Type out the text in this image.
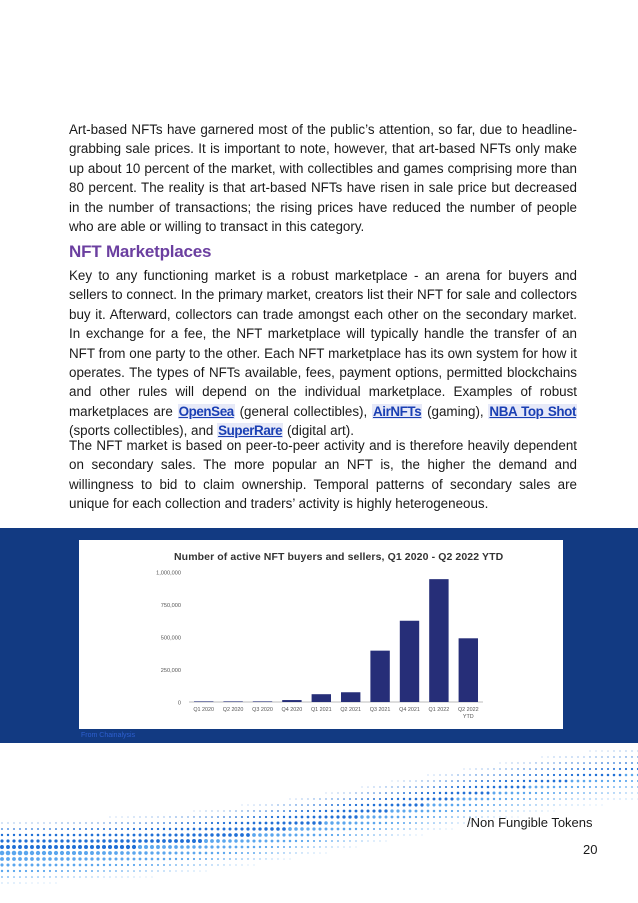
Art-based NFTs have garnered most of the public’s attention, so far, due to headline-grabbing sale prices. It is important to note, however, that art-based NFTs only make up about 10 percent of the market, with collectibles and games comprising more than 80 percent. The reality is that art-based NFTs have risen in sale price but decreased in the number of transactions; the rising prices have reduced the number of people who are able or willing to transact in this category.

NFT Marketplaces

Key to any functioning market is a robust marketplace - an arena for buyers and sellers to connect. In the primary market, creators list their NFT for sale and collectors buy it. Afterward, collectors can trade amongst each other on the secondary market. In exchange for a fee, the NFT marketplace will typically handle the transfer of an NFT from one party to the other. Each NFT marketplace has its own system for how it operates. The types of NFTs available, fees, payment options, permitted blockchains and other rules will depend on the individual marketplace. Examples of robust marketplaces are OpenSea (general collectibles), AirNFTs (gaming), NBA Top Shot (sports collectibles), and SuperRare (digital art).

The NFT market is based on peer-to-peer activity and is therefore heavily dependent on secondary sales. The more popular an NFT is, the higher the demand and willingness to bid to claim ownership. Temporal patterns of secondary sales are unique for each collection and traders’ activity is highly heterogeneous.

Number of active NFT buyers and sellers, Q1 2020 - Q2 2022 YTD
0
250,000
500,000
750,000
1,000,000
Q1 2020 Q2 2020 Q3 2020 Q4 2020 Q1 2021 Q2 2021 Q3 2021 Q4 2021 Q1 2022 Q2 2022
YTD
From Chainalysis
/Non Fungible Tokens
20
